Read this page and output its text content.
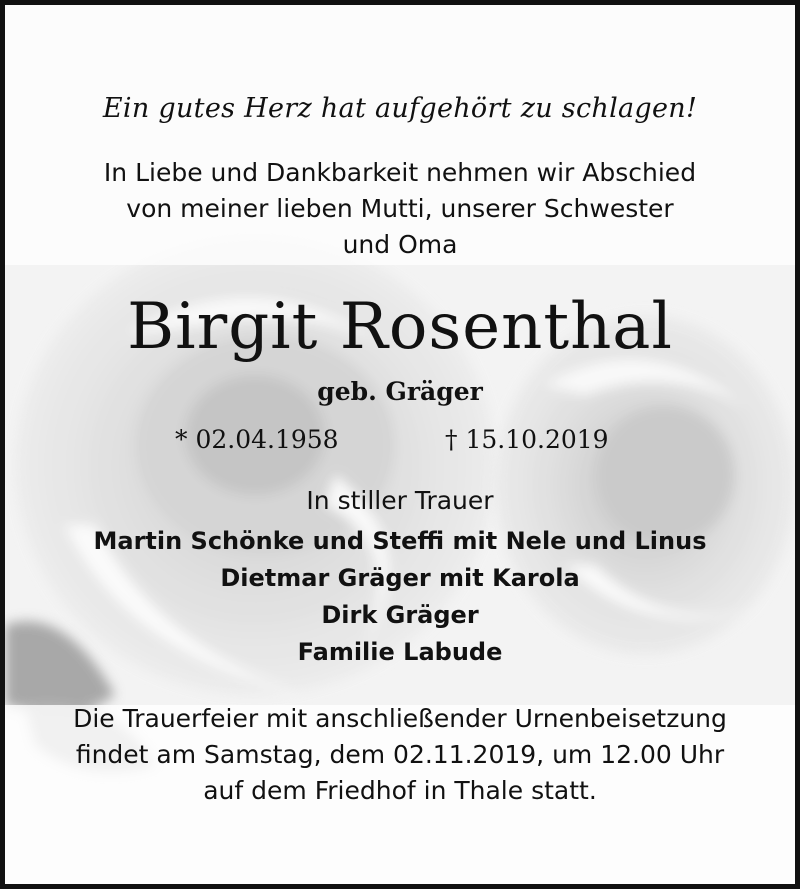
Ein gutes Herz hat aufgehört zu schlagen!
In Liebe und Dankbarkeit nehmen wir Abschied
von meiner lieben Mutti, unserer Schwester
und Oma
Birgit Rosenthal
geb. Gräger
* 02.04.1958	† 15.10.2019
In stiller Trauer
Martin Schönke und Steffi mit Nele und Linus
Dietmar Gräger mit Karola
Dirk Gräger
Familie Labude
Die Trauerfeier mit anschließender Urnenbeisetzung
findet am Samstag, dem 02.11.2019, um 12.00 Uhr
auf dem Friedhof in Thale statt.
